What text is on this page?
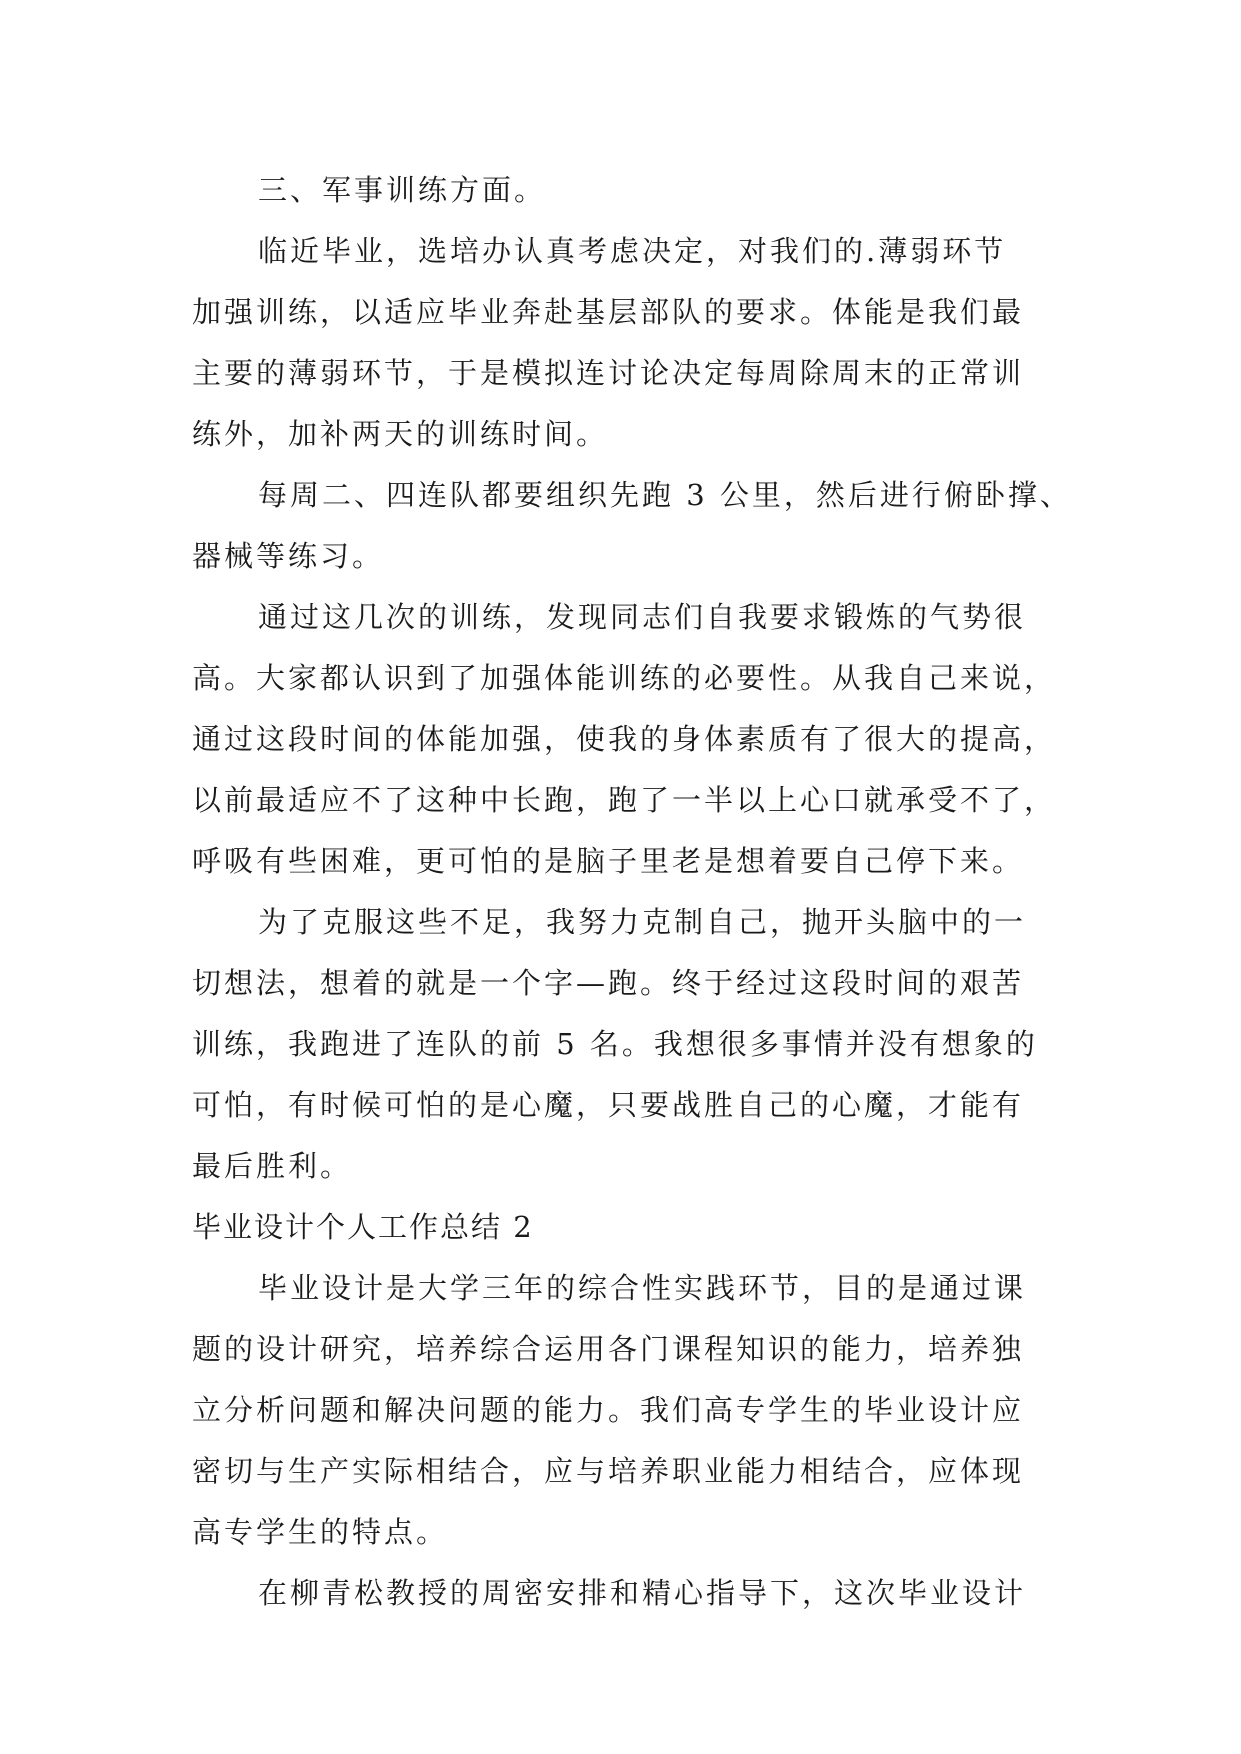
三、军事训练方面。
临近毕业，选培办认真考虑决定，对我们的.薄弱环节
加强训练，以适应毕业奔赴基层部队的要求。体能是我们最
主要的薄弱环节，于是模拟连讨论决定每周除周末的正常训
练外，加补两天的训练时间。
每周二、四连队都要组织先跑 3 公里，然后进行俯卧撑、
器械等练习。
通过这几次的训练，发现同志们自我要求锻炼的气势很
高。大家都认识到了加强体能训练的必要性。从我自己来说，
通过这段时间的体能加强，使我的身体素质有了很大的提高，
以前最适应不了这种中长跑，跑了一半以上心口就承受不了，
呼吸有些困难，更可怕的是脑子里老是想着要自己停下来。
为了克服这些不足，我努力克制自己，抛开头脑中的一
切想法，想着的就是一个字—跑。终于经过这段时间的艰苦
训练，我跑进了连队的前 5 名。我想很多事情并没有想象的
可怕，有时候可怕的是心魔，只要战胜自己的心魔，才能有
最后胜利。
毕业设计个人工作总结 2
毕业设计是大学三年的综合性实践环节，目的是通过课
题的设计研究，培养综合运用各门课程知识的能力，培养独
立分析问题和解决问题的能力。我们高专学生的毕业设计应
密切与生产实际相结合，应与培养职业能力相结合，应体现
高专学生的特点。
在柳青松教授的周密安排和精心指导下，这次毕业设计
